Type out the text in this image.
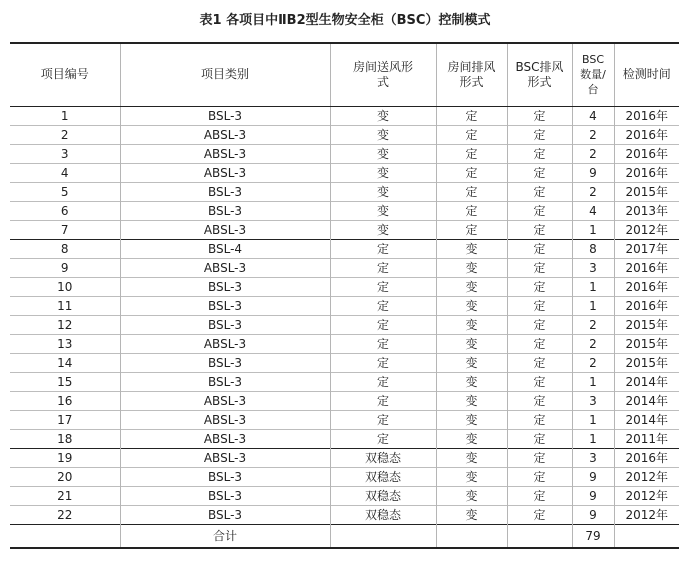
表1 各项目中ⅡB2型生物安全柜（BSC）控制模式
项目编号	项目类别	房间送风形式	房间排风形式	BSC排风形式	BSC数量/台	检测时间
1	BSL-3	变	定	定	4	2016年
2	ABSL-3	变	定	定	2	2016年
3	ABSL-3	变	定	定	2	2016年
4	ABSL-3	变	定	定	9	2016年
5	BSL-3	变	定	定	2	2015年
6	BSL-3	变	定	定	4	2013年
7	ABSL-3	变	定	定	1	2012年
8	BSL-4	定	变	定	8	2017年
9	ABSL-3	定	变	定	3	2016年
10	BSL-3	定	变	定	1	2016年
11	BSL-3	定	变	定	1	2016年
12	BSL-3	定	变	定	2	2015年
13	ABSL-3	定	变	定	2	2015年
14	BSL-3	定	变	定	2	2015年
15	BSL-3	定	变	定	1	2014年
16	ABSL-3	定	变	定	3	2014年
17	ABSL-3	定	变	定	1	2014年
18	ABSL-3	定	变	定	1	2011年
19	ABSL-3	双稳态	变	定	3	2016年
20	BSL-3	双稳态	变	定	9	2012年
21	BSL-3	双稳态	变	定	9	2012年
22	BSL-3	双稳态	变	定	9	2012年
	合计				79	
